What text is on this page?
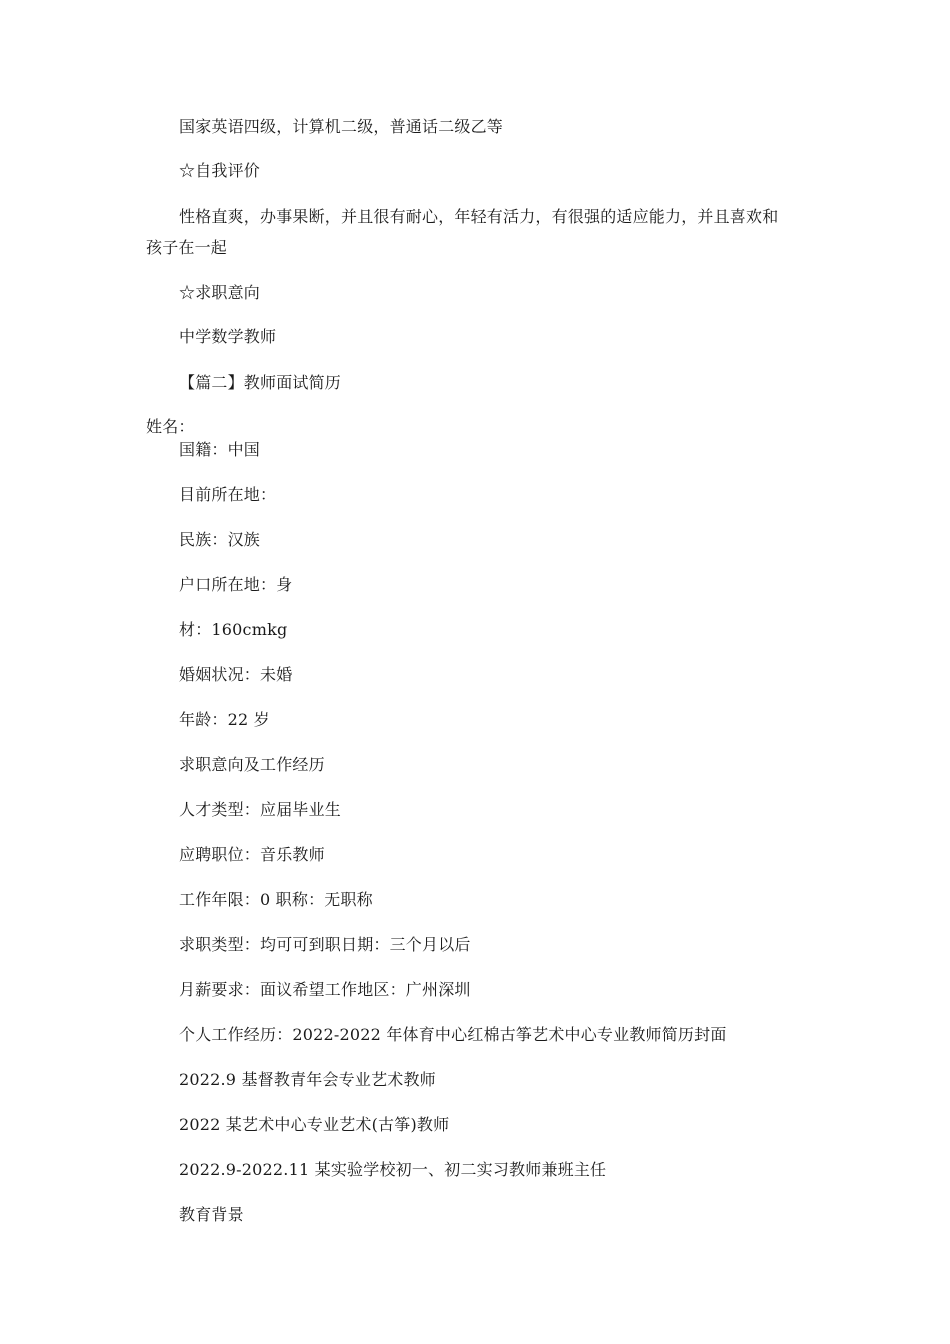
国家英语四级，计算机二级，普通话二级乙等
☆自我评价
性格直爽，办事果断，并且很有耐心，年轻有活力，有很强的适应能力，并且喜欢和
孩子在一起
☆求职意向
中学数学教师
【篇二】教师面试简历
姓名：
国籍：中国
目前所在地：
民族：汉族
户口所在地：身
材：160cmkg
婚姻状况：未婚
年龄：22 岁
求职意向及工作经历
人才类型：应届毕业生
应聘职位：音乐教师
工作年限：0 职称：无职称
求职类型：均可可到职日期：三个月以后
月薪要求：面议希望工作地区：广州深圳
个人工作经历：2022-2022 年体育中心红棉古筝艺术中心专业教师简历封面
2022.9 基督教青年会专业艺术教师
2022 某艺术中心专业艺术(古筝)教师
2022.9-2022.11 某实验学校初一、初二实习教师兼班主任
教育背景
